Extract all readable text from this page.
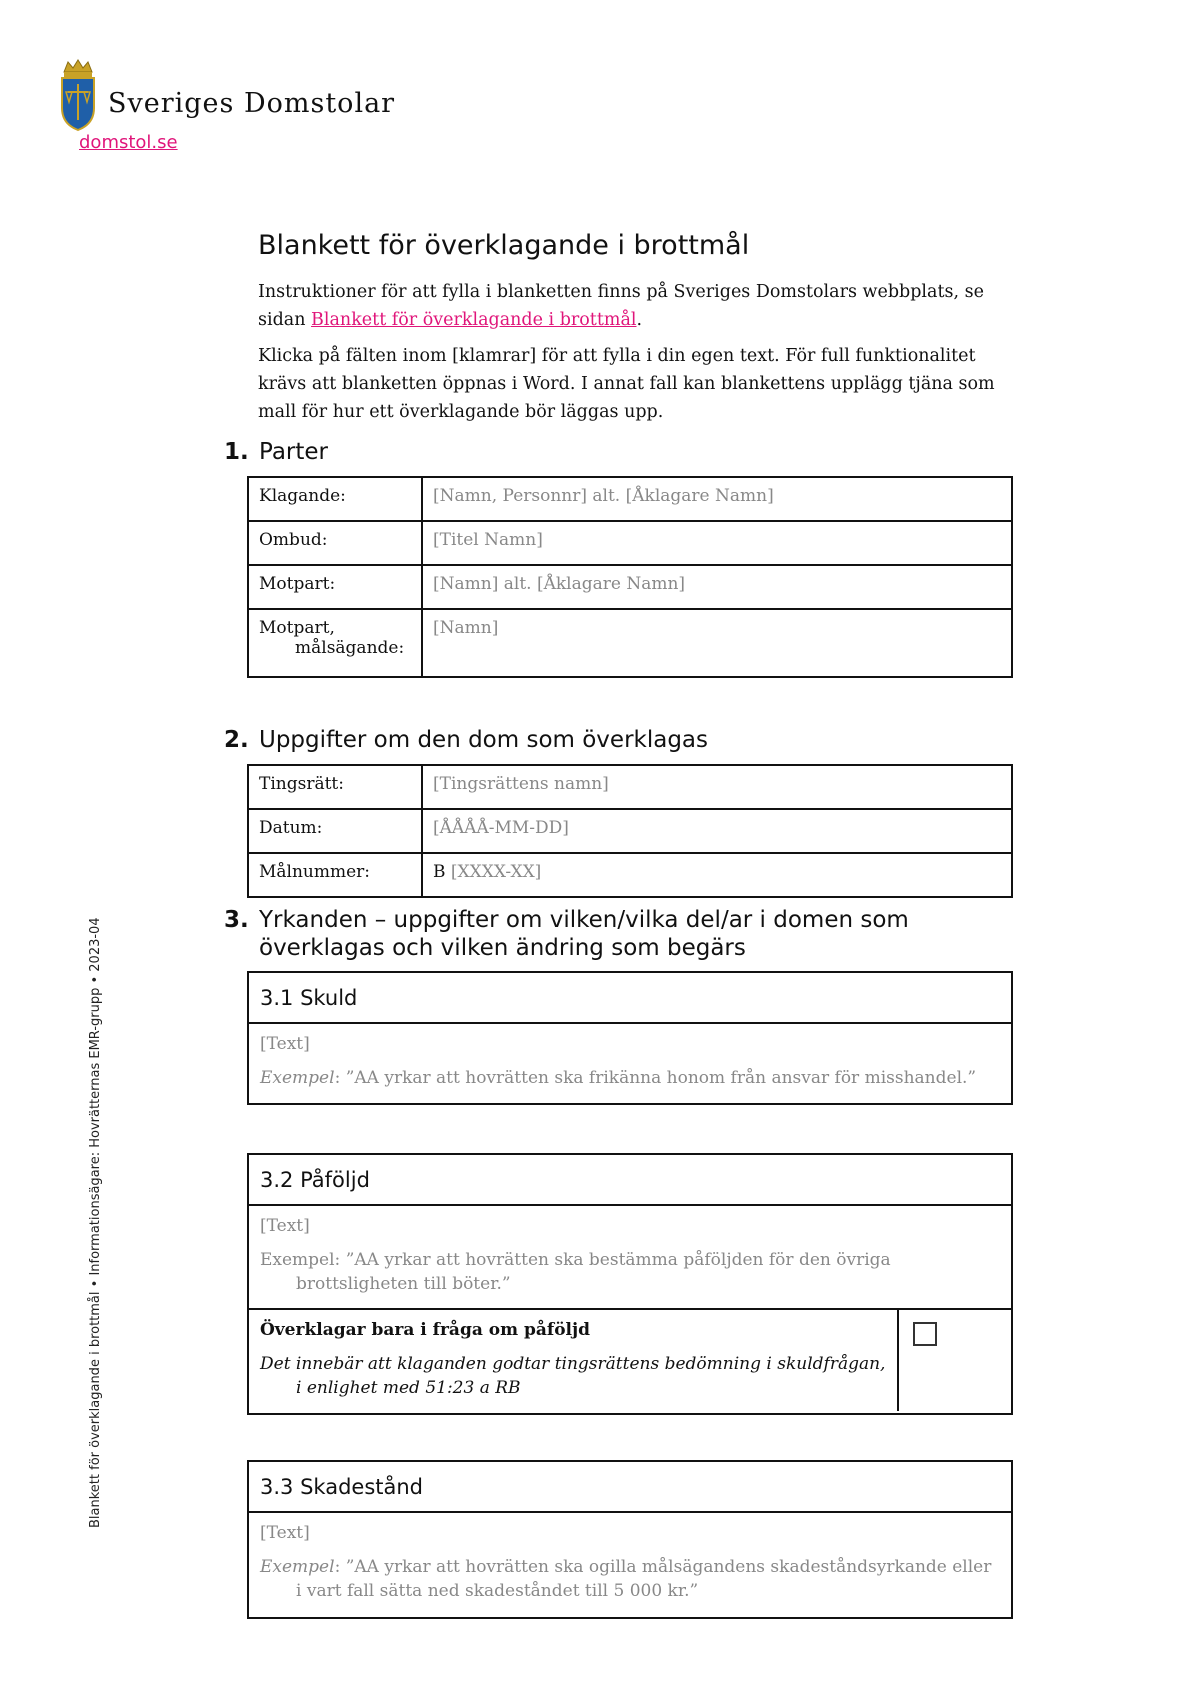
Sveriges Domstolar
domstol.se
Blankett för överklagande i brottmål • Informationsägare: Hovrätternas EMR-grupp • 2023-04
Blankett för överklagande i brottmål
Instruktioner för att fylla i blanketten finns på Sveriges Domstolars webbplats, se sidan Blankett för överklagande i brottmål.
Klicka på fälten inom [klamrar] för att fylla i din egen text. För full funktionalitet krävs att blanketten öppnas i Word. I annat fall kan blankettens upplägg tjäna som mall för hur ett överklagande bör läggas upp.
1. Parter
Klagande:	[Namn, Personnr] alt. [Åklagare Namn]
Ombud:	[Titel Namn]
Motpart:	[Namn] alt. [Åklagare Namn]
Motpart,
målsägande:	[Namn]
2. Uppgifter om den dom som överklagas
Tingsrätt:	[Tingsrättens namn]
Datum:	[ÅÅÅÅ-MM-DD]
Målnummer:	B [XXXX-XX]
3. Yrkanden – uppgifter om vilken/vilka del/ar i domen som
överklagas och vilken ändring som begärs
3.1 Skuld
[Text]
Exempel: ”AA yrkar att hovrätten ska frikänna honom från ansvar för misshandel.”
3.2 Påföljd
[Text]
Exempel: ”AA yrkar att hovrätten ska bestämma påföljden för den övriga brottsligheten till böter.”
Överklagar bara i fråga om påföljd
Det innebär att klaganden godtar tingsrättens bedömning i skuldfrågan, i enlighet med 51:23 a RB
3.3 Skadestånd
[Text]
Exempel: ”AA yrkar att hovrätten ska ogilla målsägandens skadeståndsyrkande eller i vart fall sätta ned skadeståndet till 5 000 kr.”
